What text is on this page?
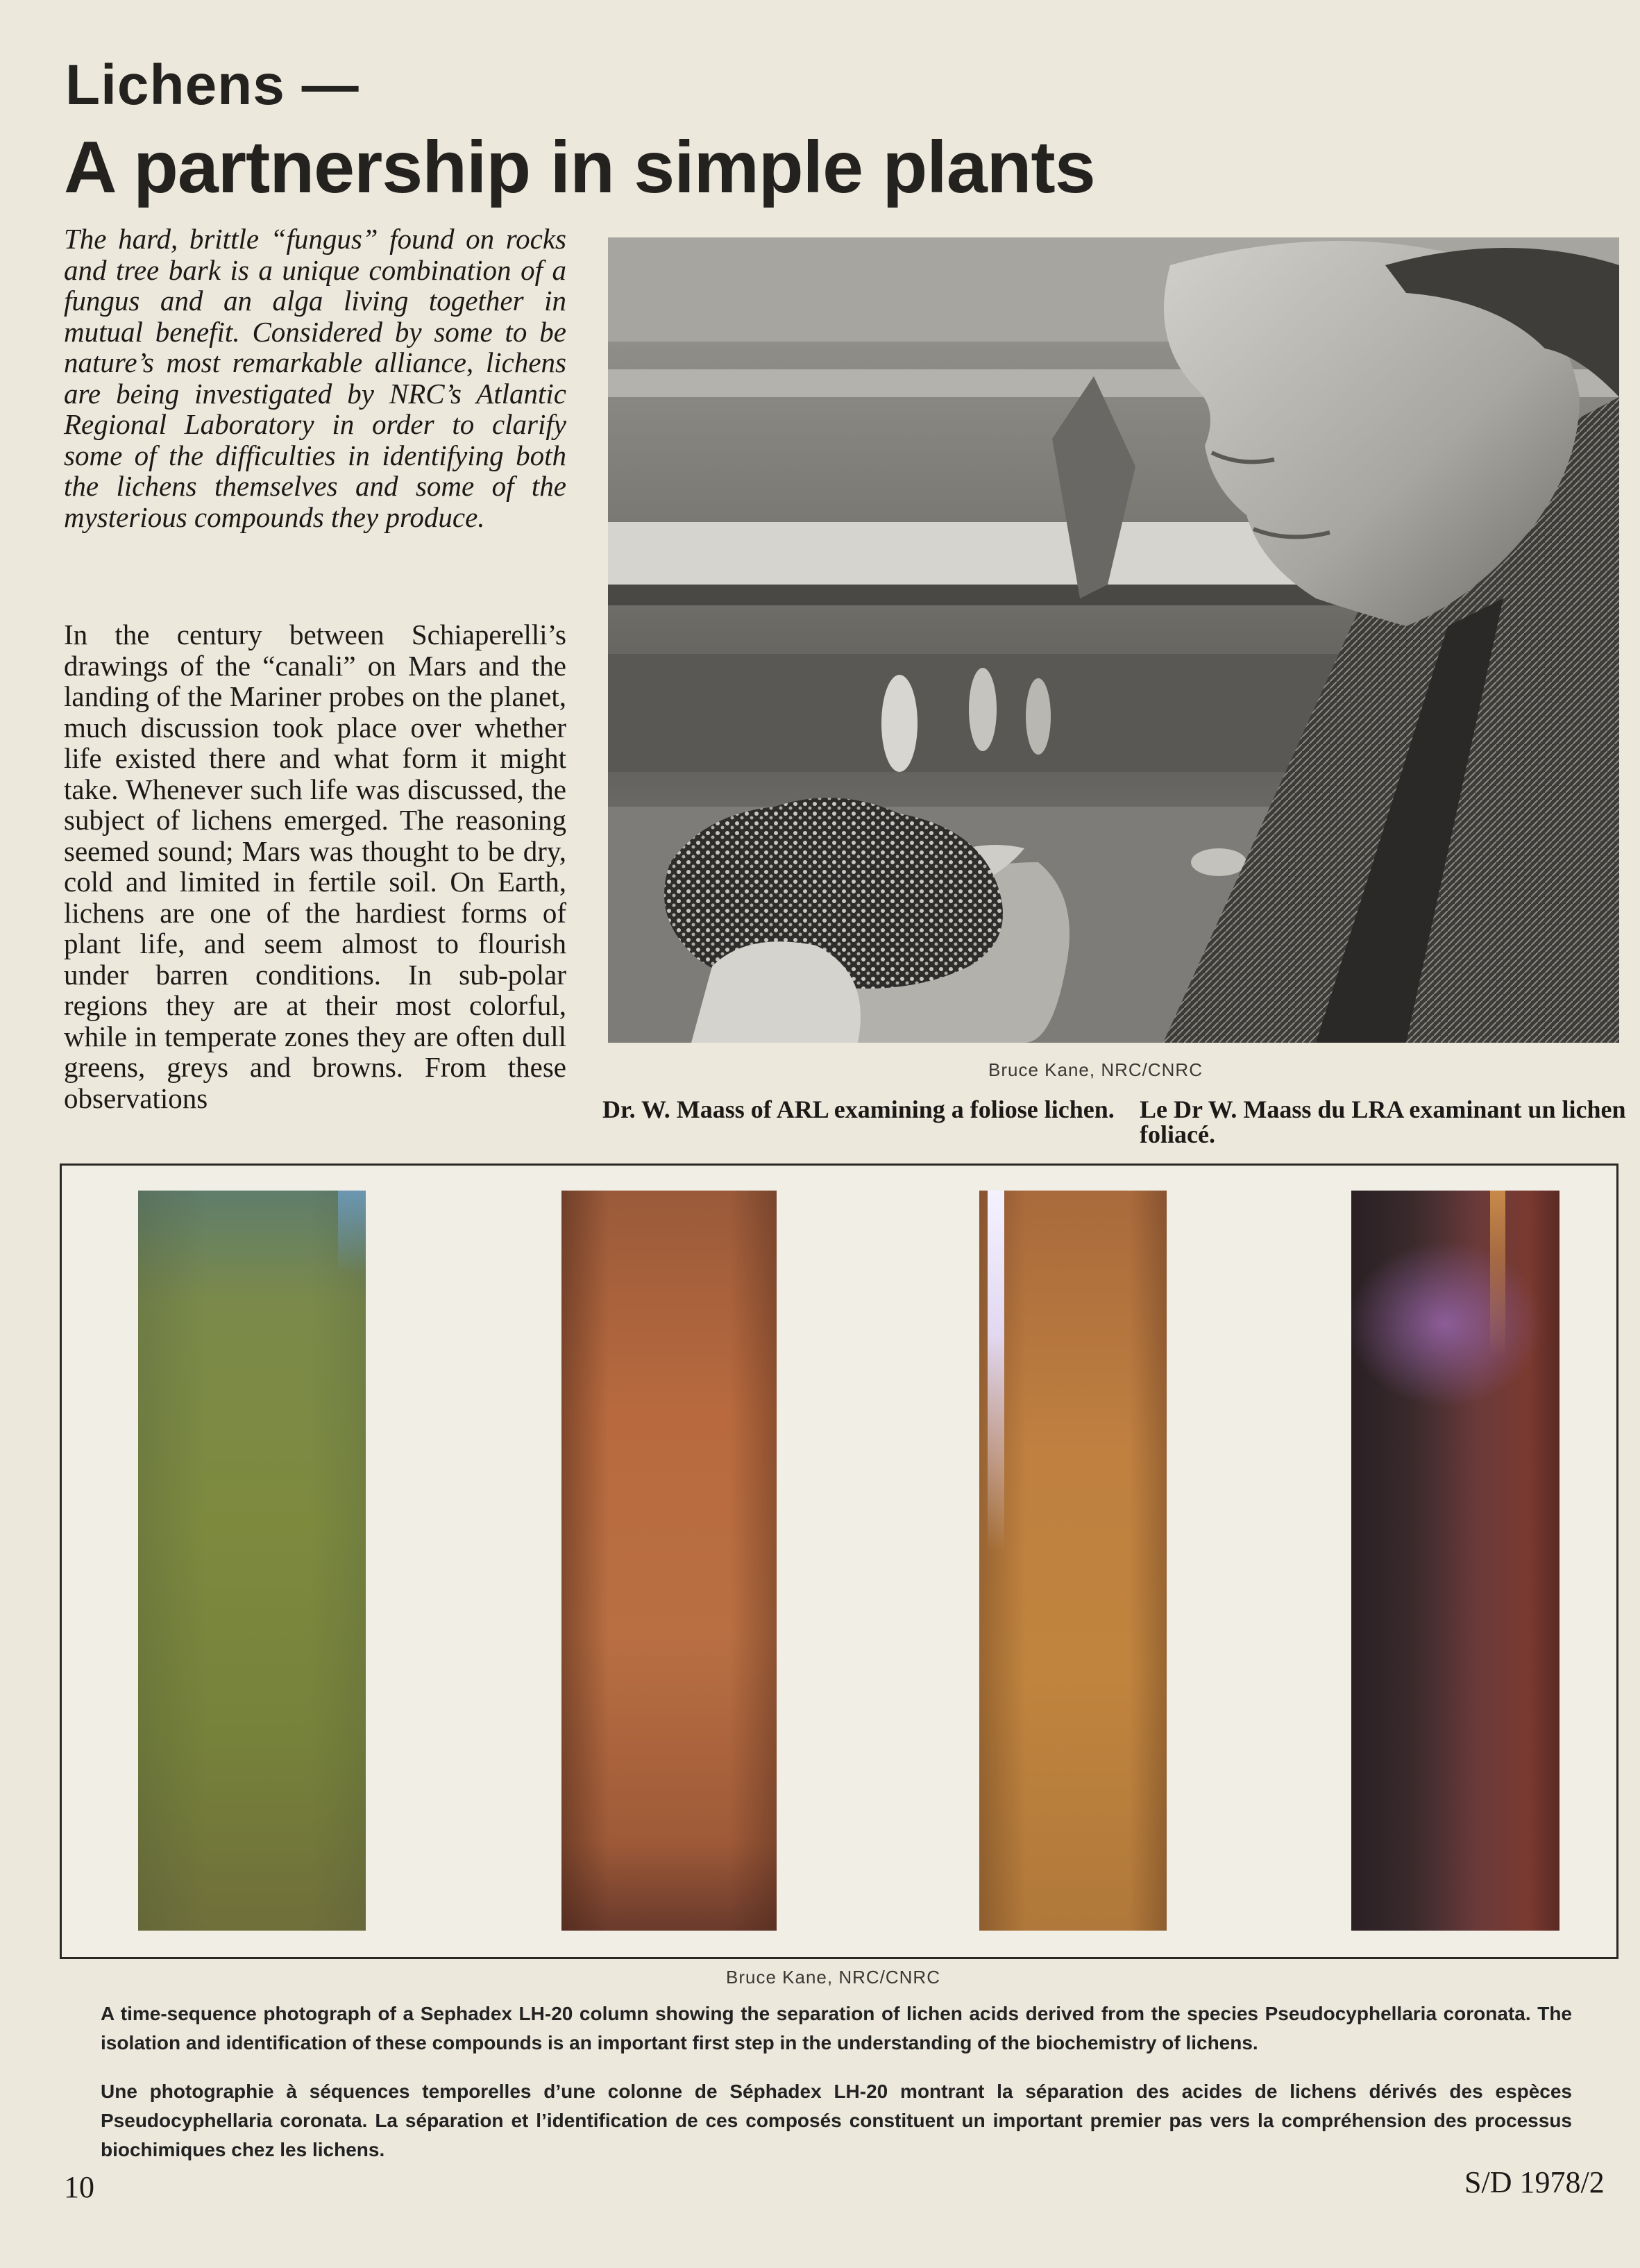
Lichens —
A partnership in simple plants

The hard, brittle “fungus” found on rocks and tree bark is a unique combination of a fungus and an alga living together in mutual benefit. Considered by some to be nature’s most remarkable alliance, lichens are being investigated by NRC’s Atlantic Regional Laboratory in order to clarify some of the difficulties in identifying both the lichens themselves and some of the mysterious compounds they produce.

In the century between Schiaperelli’s drawings of the “canali” on Mars and the landing of the Mariner probes on the planet, much discussion took place over whether life existed there and what form it might take. Whenever such life was discussed, the subject of lichens emerged. The reasoning seemed sound; Mars was thought to be dry, cold and limited in fertile soil. On Earth, lichens are one of the hardiest forms of plant life, and seem almost to flourish under barren conditions. In sub-polar regions they are at their most colorful, while in temperate zones they are often dull greens, greys and browns. From these observations

Bruce Kane, NRC/CNRC

Dr. W. Maass of ARL examining a foliose lichen. Le Dr W. Maass du LRA examinant un lichen foliacé.

Bruce Kane, NRC/CNRC

A time-sequence photograph of a Sephadex LH-20 column showing the separation of lichen acids derived from the species Pseudocyphellaria coronata. The isolation and identification of these compounds is an important first step in the understanding of the biochemistry of lichens.

Une photographie à séquences temporelles d’une colonne de Séphadex LH-20 montrant la séparation des acides de lichens dérivés des espèces Pseudocyphellaria coronata. La séparation et l’identification de ces composés constituent un important premier pas vers la compréhension des processus biochimiques chez les lichens.

10	S/D 1978/2
